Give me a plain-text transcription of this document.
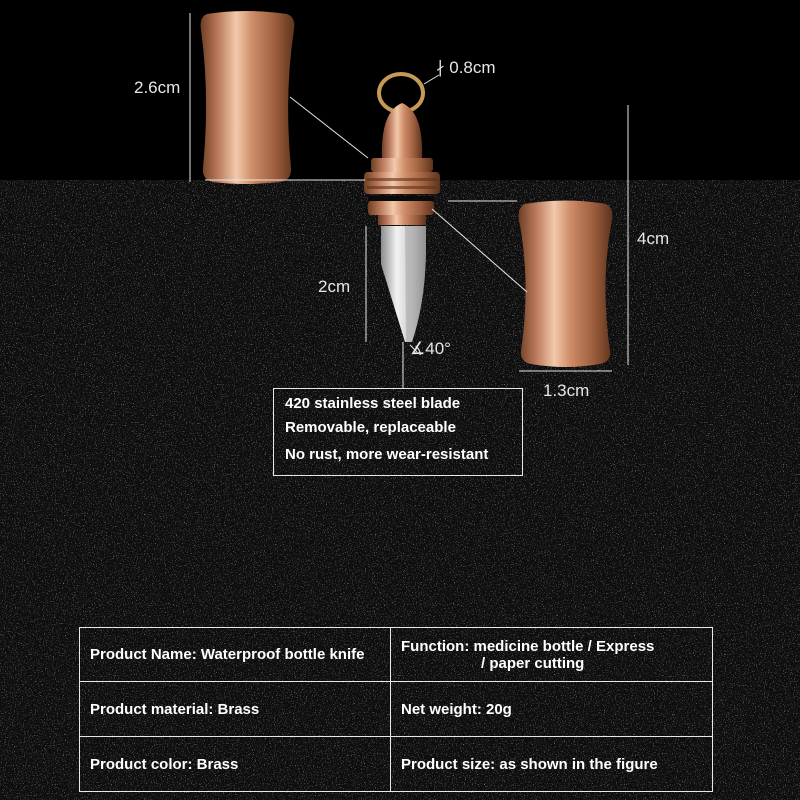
2.6cm
∤ 0.8cm
4cm
2cm
∡40°
1.3cm
420 stainless steel blade
Removable, replaceable
No rust, more wear-resistant
Product Name: Waterproof bottle knife	Function: medicine bottle / Express
/ paper cutting

Product material: Brass	Net weight: 20g
Product color: Brass	Product size: as shown in the figure
